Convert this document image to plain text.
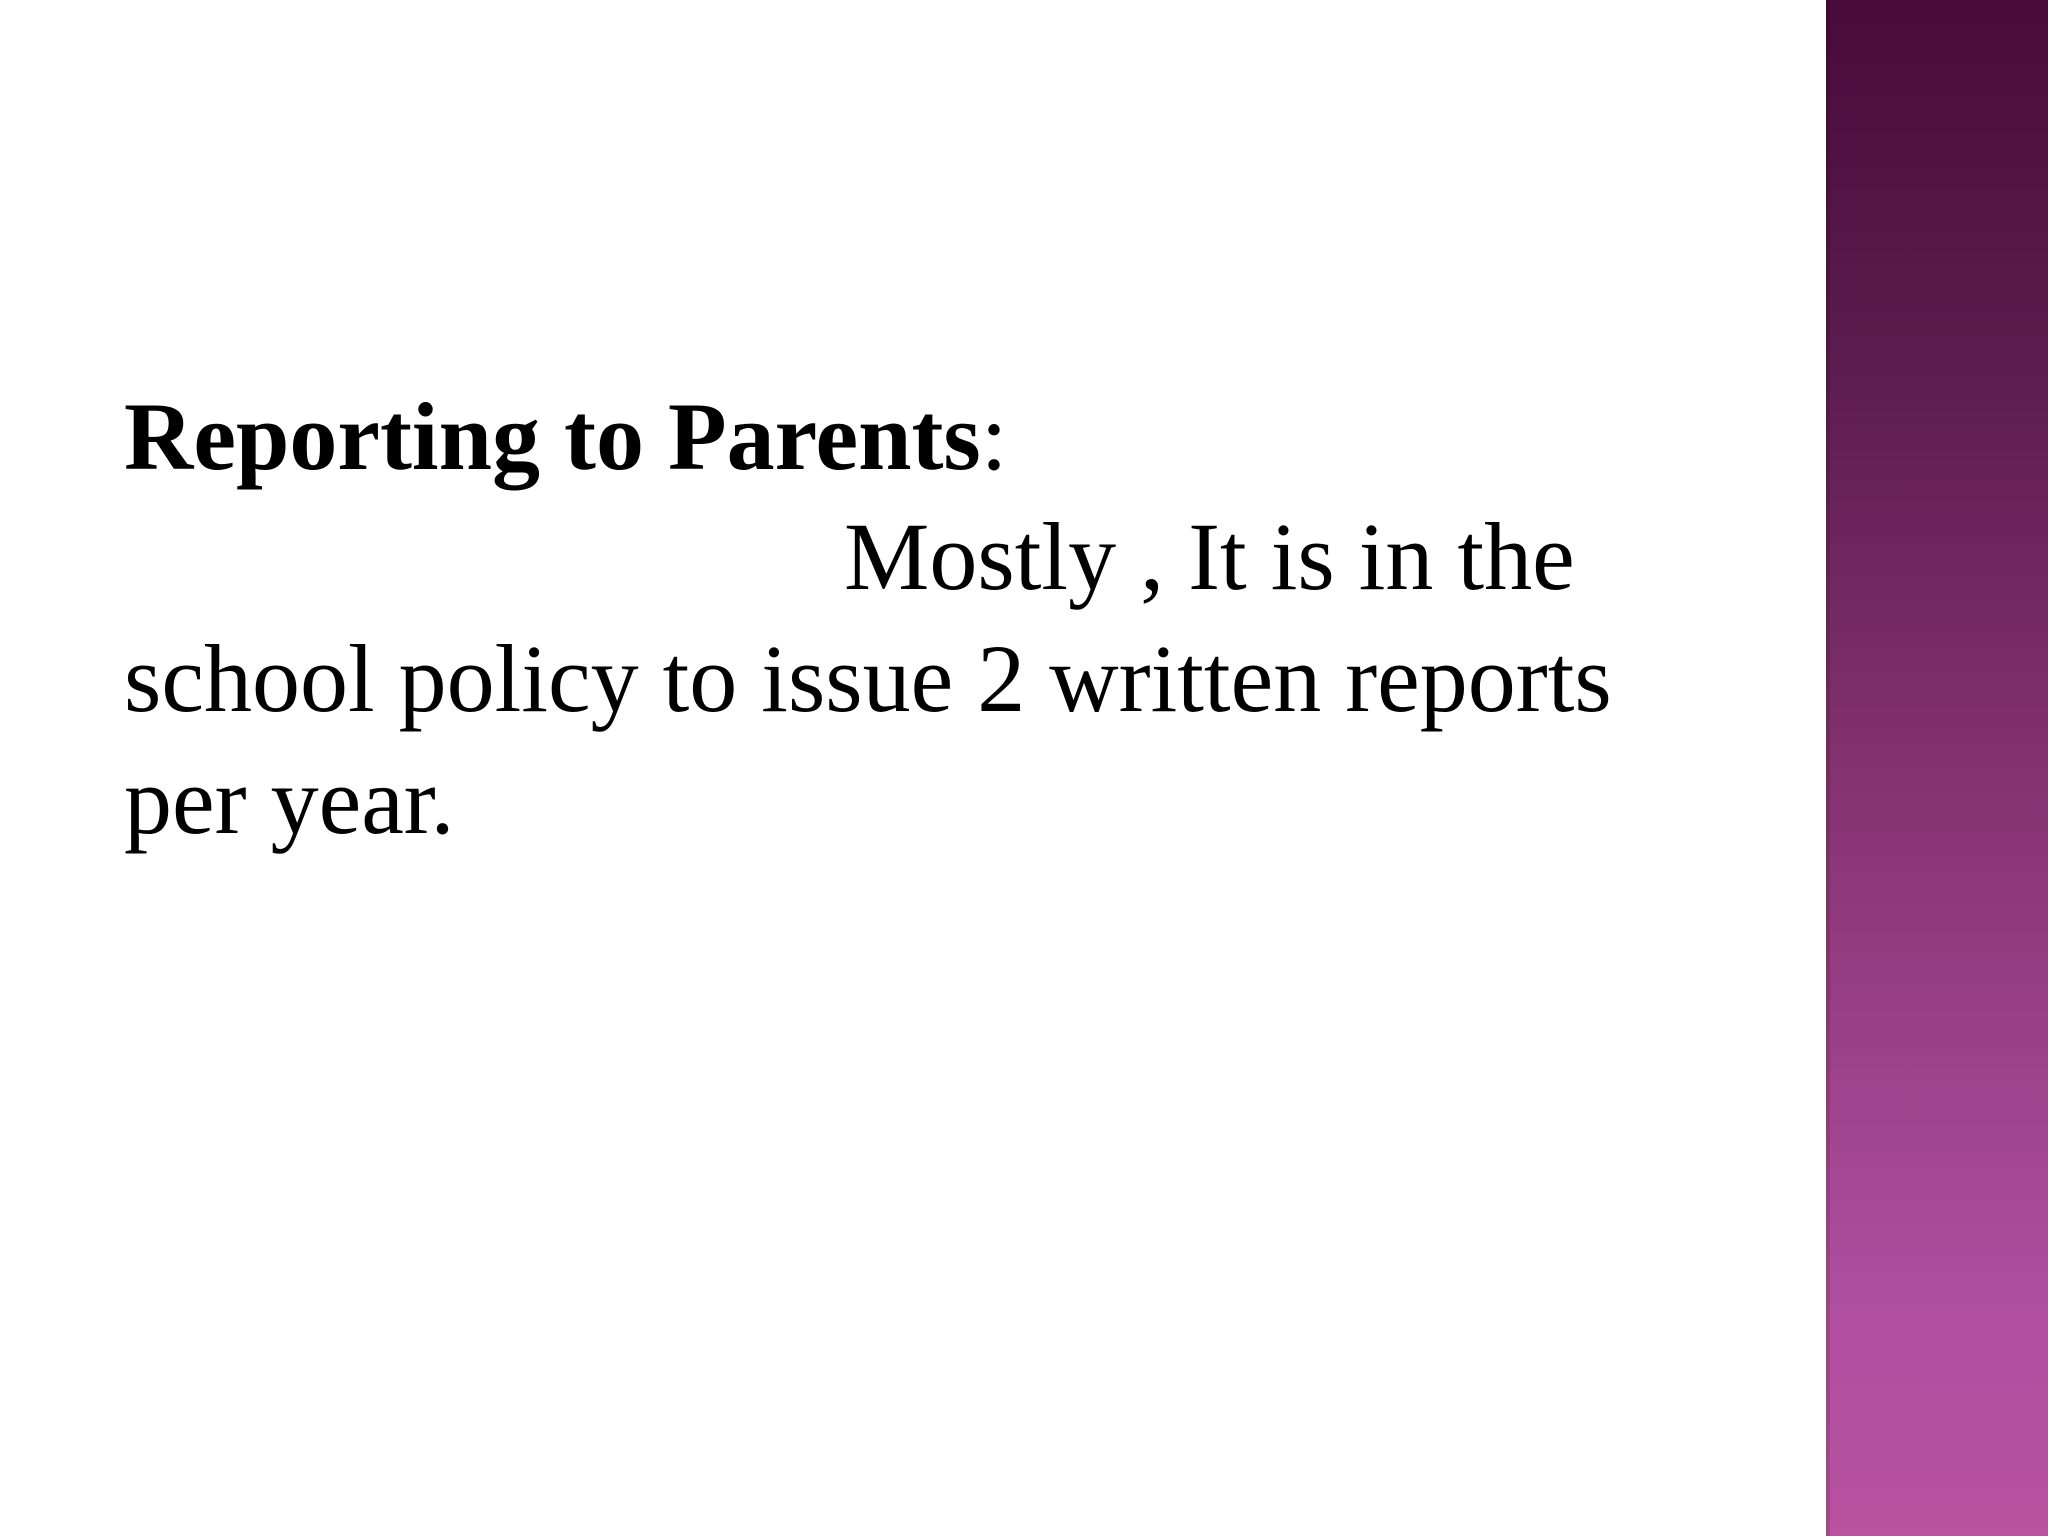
Reporting to Parents:

Mostly , It is in the
school policy to issue 2 written reports
per year.
